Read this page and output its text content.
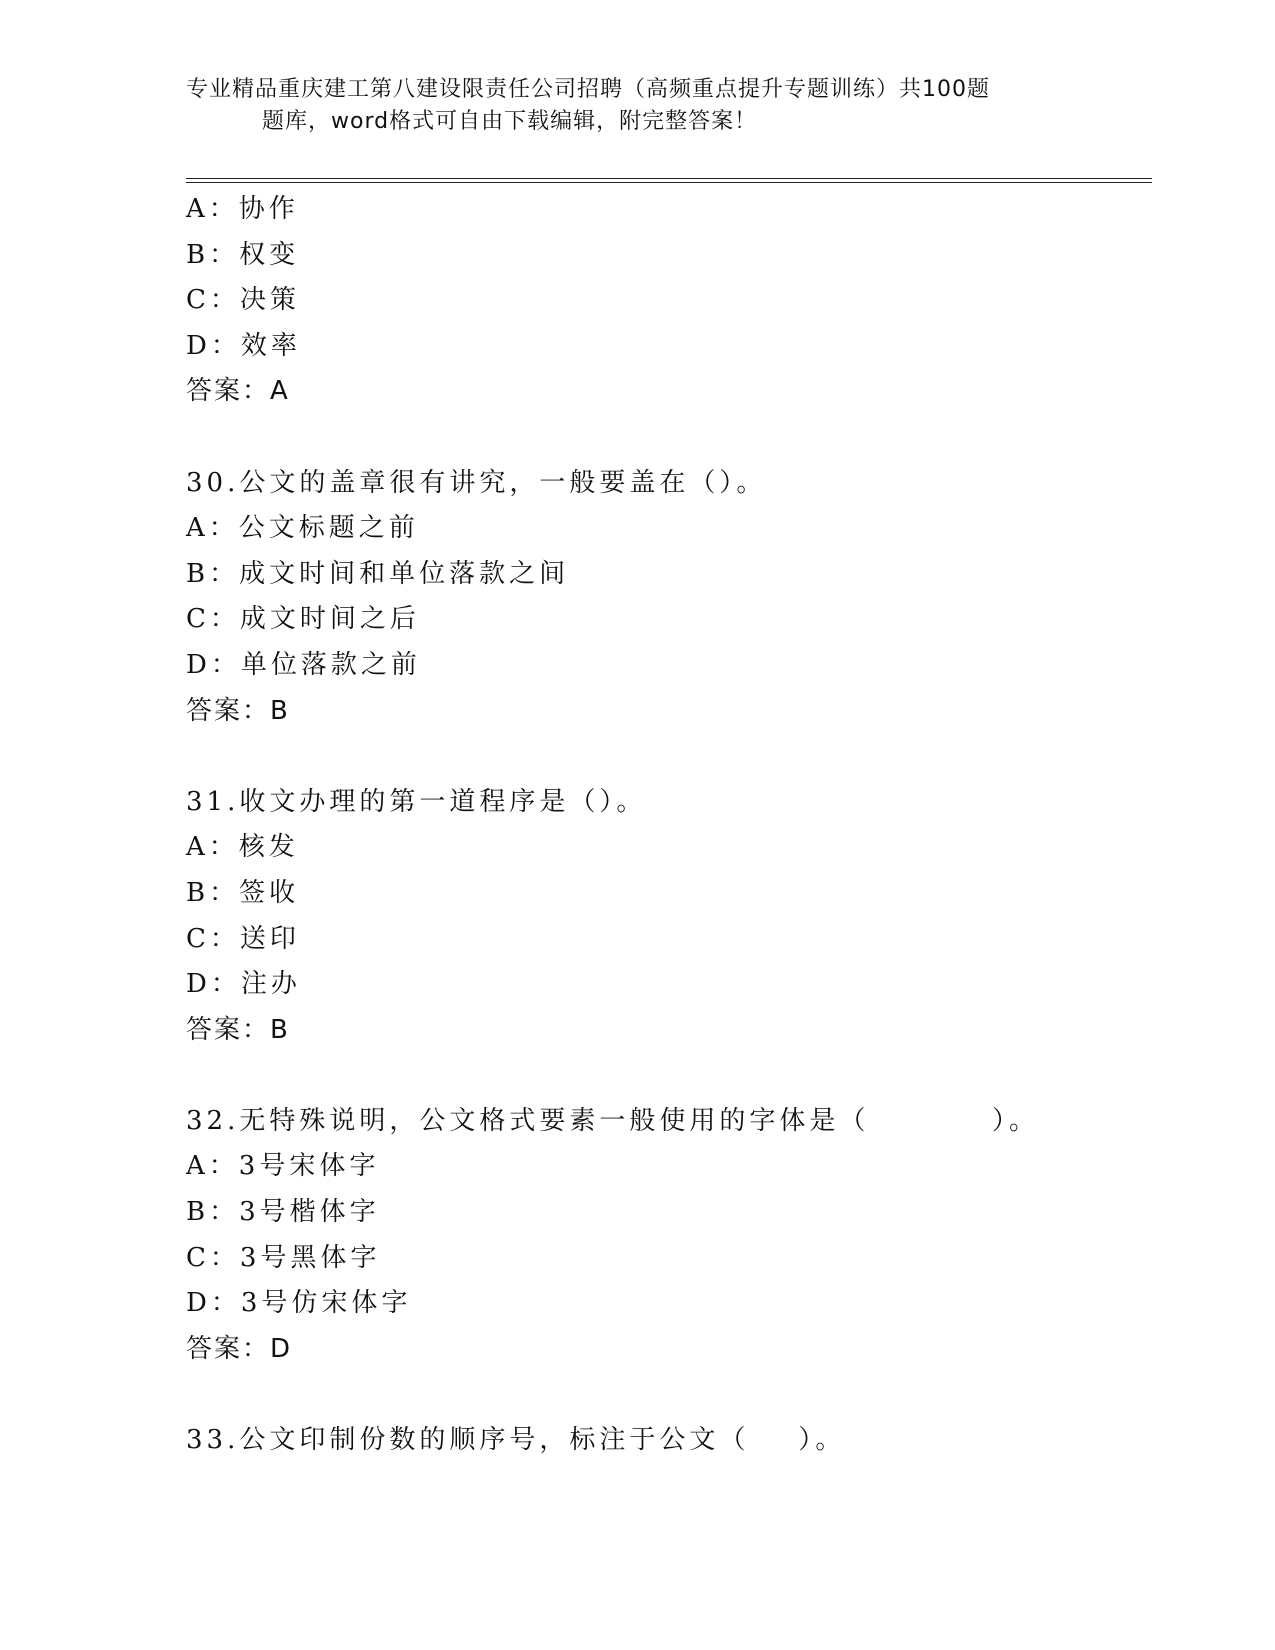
专业精品重庆建工第八建设限责任公司招聘（高频重点提升专题训练）共100题
题库，word格式可自由下载编辑，附完整答案！
A：协作
B：权变
C：决策
D：效率
答案：A
30.公文的盖章很有讲究，一般要盖在（）。
A：公文标题之前
B：成文时间和单位落款之间
C：成文时间之后
D：单位落款之前
答案：B
31.收文办理的第一道程序是（）。
A：核发
B：签收
C：送印
D：注办
答案：B
32.无特殊说明，公文格式要素一般使用的字体是（          ）。
A：3号宋体字
B：3号楷体字
C：3号黑体字
D：3号仿宋体字
答案：D
33.公文印制份数的顺序号，标注于公文（    ）。
